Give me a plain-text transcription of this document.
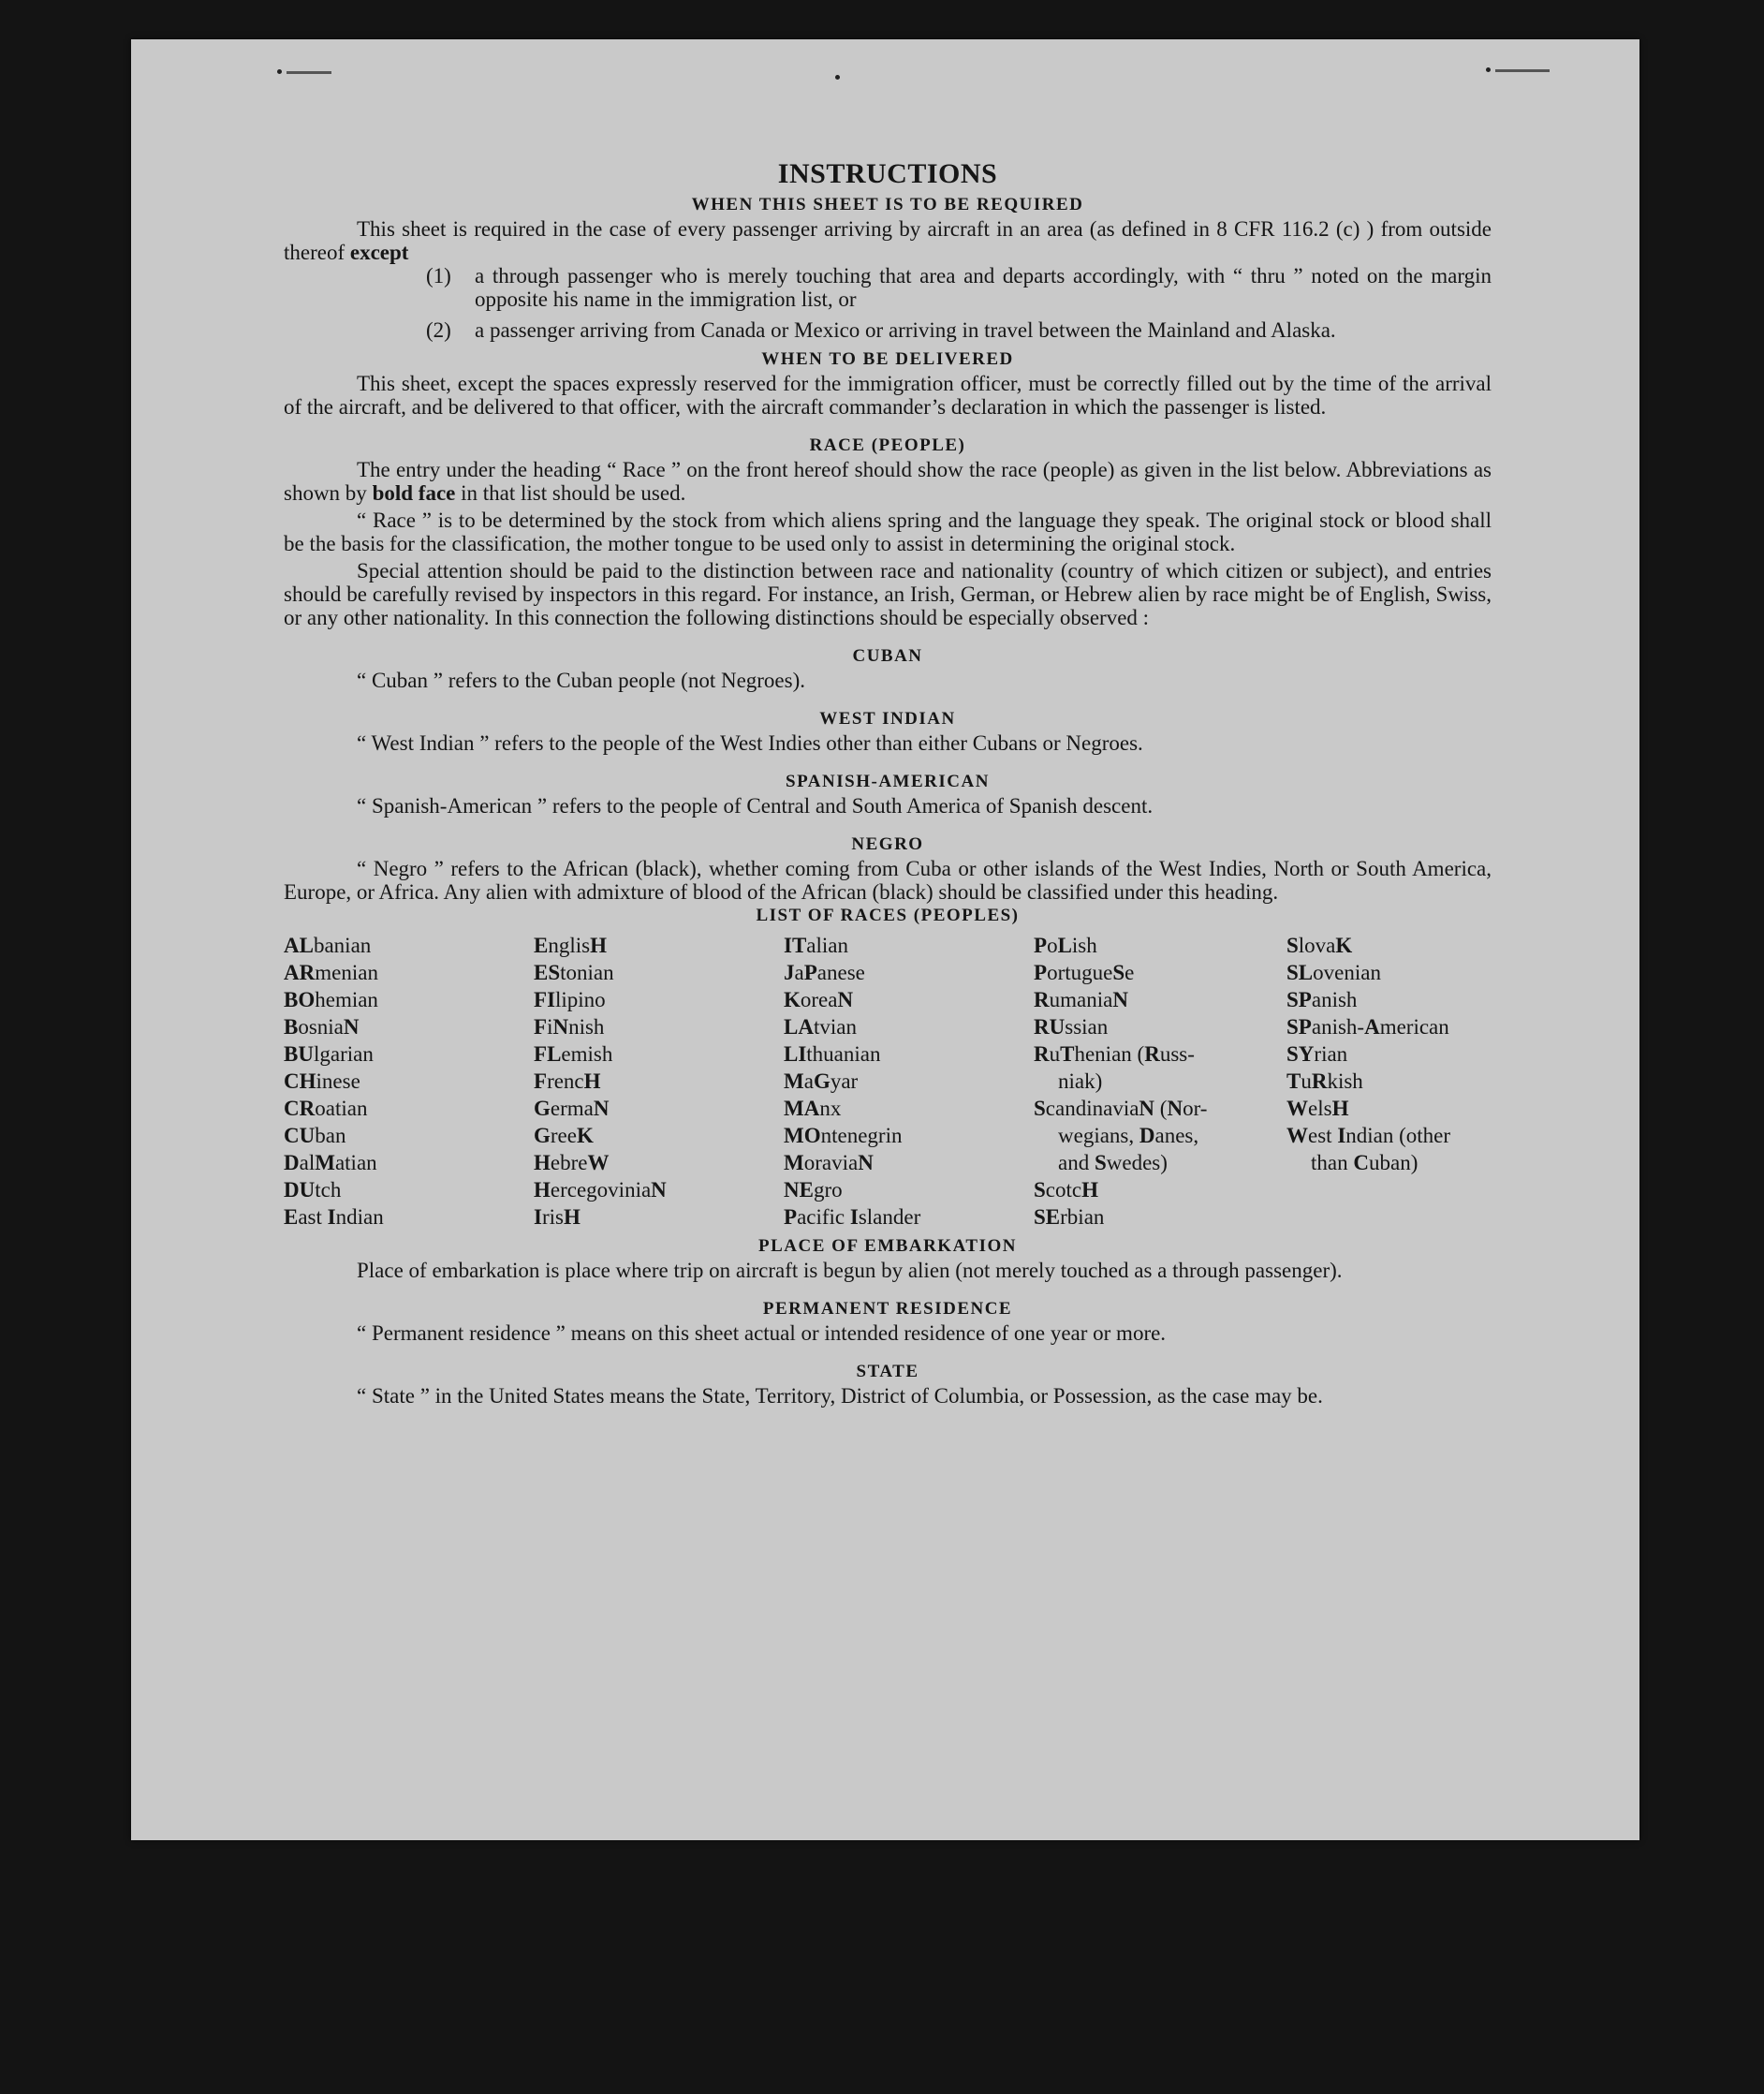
INSTRUCTIONS
WHEN THIS SHEET IS TO BE REQUIRED

This sheet is required in the case of every passenger arriving by aircraft in an area (as defined in 8 CFR 116.2 (c) ) from outside thereof except

(1)	a through passenger who is merely touching that area and departs accordingly, with “ thru ” noted on the margin opposite his name in the immigration list, or

(2)	a passenger arriving from Canada or Mexico or arriving in travel between the Mainland and Alaska.

WHEN TO BE DELIVERED

This sheet, except the spaces expressly reserved for the immigration officer, must be correctly filled out by the time of the arrival of the aircraft, and be delivered to that officer, with the aircraft commander’s declaration in which the passenger is listed.

RACE (PEOPLE)

The entry under the heading “ Race ” on the front hereof should show the race (people) as given in the list below. Abbreviations as shown by bold face in that list should be used.

“ Race ” is to be determined by the stock from which aliens spring and the language they speak. The original stock or blood shall be the basis for the classification, the mother tongue to be used only to assist in determining the original stock.

Special attention should be paid to the distinction between race and nationality (country of which citizen or subject), and entries should be carefully revised by inspectors in this regard. For instance, an Irish, German, or Hebrew alien by race might be of English, Swiss, or any other nationality. In this connection the following distinctions should be especially observed :

CUBAN

“ Cuban ” refers to the Cuban people (not Negroes).

WEST INDIAN

“ West Indian ” refers to the people of the West Indies other than either Cubans or Negroes.

SPANISH-AMERICAN

“ Spanish-American ” refers to the people of Central and South America of Spanish descent.

NEGRO

“ Negro ” refers to the African (black), whether coming from Cuba or other islands of the West Indies, North or South America, Europe, or Africa. Any alien with admixture of blood of the African (black) should be classified under this heading.

LIST OF RACES (PEOPLES)
ALbanian
ARmenian
BOhemian
BosniaN
BUlgarian
CHinese
CRoatian
CUban
DalMatian
DUtch
East Indian
EnglisH
EStonian
FIlipino
FiNnish
FLemish
FrencH
GermaN
GreeK
HebreW
HercegoviniaN
IrisH
ITalian
JaPanese
KoreaN
LAtvian
LIthuanian
MaGyar
MAnx
MOntenegrin
MoraviaN
NEgro
Pacific Islander
PoLish
PortugueSe
RumaniaN
RUssian
RuThenian (Russ-
niak)
ScandinaviaN (Nor-
wegians, Danes,
and Swedes)
ScotcH
SErbian
SlovaK
SLovenian
SPanish
SPanish-American
SYrian
TuRkish
WelsH
West Indian (other
than Cuban)
PLACE OF EMBARKATION

Place of embarkation is place where trip on aircraft is begun by alien (not merely touched as a through passenger).

PERMANENT RESIDENCE

“ Permanent residence ” means on this sheet actual or intended residence of one year or more.

STATE

“ State ” in the United States means the State, Territory, District of Columbia, or Possession, as the case may be.
